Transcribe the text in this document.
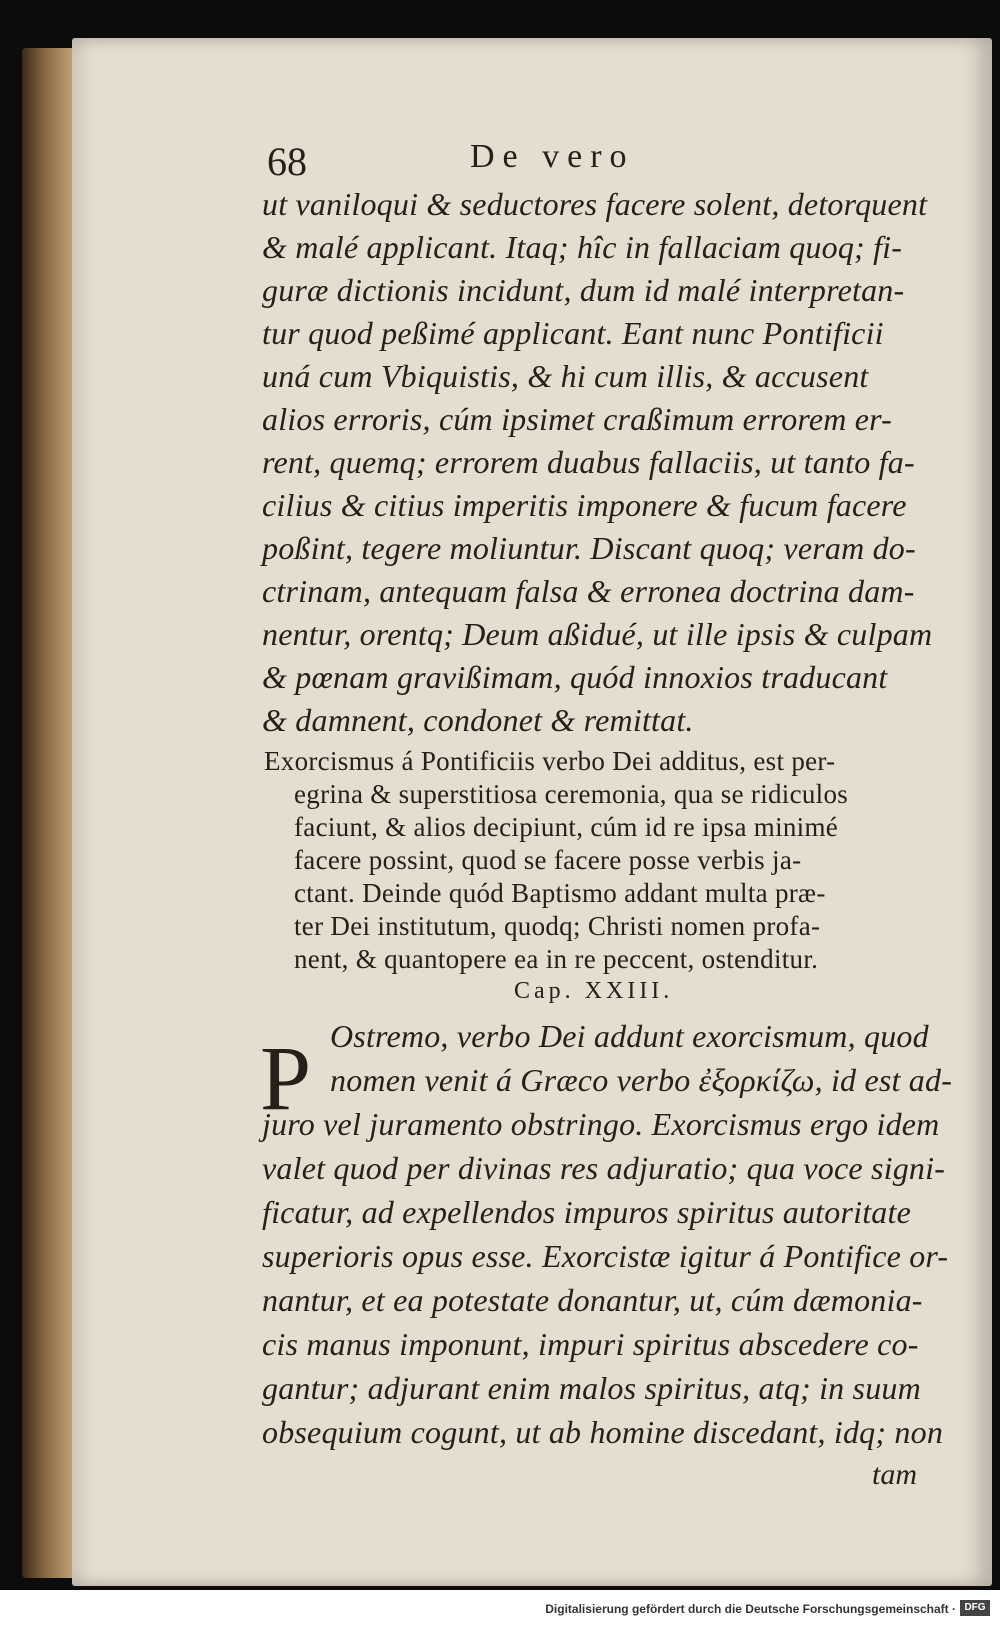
68	De vero
ut vaniloqui & seductores facere solent, detorquent
& malé applicant. Itaq; hîc in fallaciam quoq; fi-
guræ dictionis incidunt, dum id malé interpretan-
tur quod peßimé applicant. Eant nunc Pontificii
uná cum Vbiquistis, & hi cum illis, & accusent
alios erroris, cúm ipsimet craßimum errorem er-
rent, quemq; errorem duabus fallaciis, ut tanto fa-
cilius & citius imperitis imponere & fucum facere
poßint, tegere moliuntur. Discant quoq; veram do-
ctrinam, antequam falsa & erronea doctrina dam-
nentur, orentq; Deum aßidué, ut ille ipsis & culpam
& pœnam gravißimam, quód innoxios traducant
& damnent, condonet & remittat.
Exorcismus á Pontificiis verbo Dei additus, est per-
egrina & superstitiosa ceremonia, qua se ridiculos
faciunt, & alios decipiunt, cúm id re ipsa minimé
facere possint, quod se facere posse verbis ja-
ctant. Deinde quód Baptismo addant multa præ-
ter Dei institutum, quodq; Christi nomen profa-
nent, & quantopere ea in re peccent, ostenditur.
Cap. XXIII.
P Ostremo, verbo Dei addunt exorcismum, quod
nomen venit á Græco verbo ἐξορκίζω, id est ad-
juro vel juramento obstringo. Exorcismus ergo idem
valet quod per divinas res adjuratio; qua voce signi-
ficatur, ad expellendos impuros spiritus autoritate
superioris opus esse. Exorcistæ igitur á Pontifice or-
nantur, et ea potestate donantur, ut, cúm dæmonia-
cis manus imponunt, impuri spiritus abscedere co-
gantur; adjurant enim malos spiritus, atq; in suum
obsequium cogunt, ut ab homine discedant, idq; non
tam
Digitalisierung gefördert durch die Deutsche Forschungsgemeinschaft · DFG
